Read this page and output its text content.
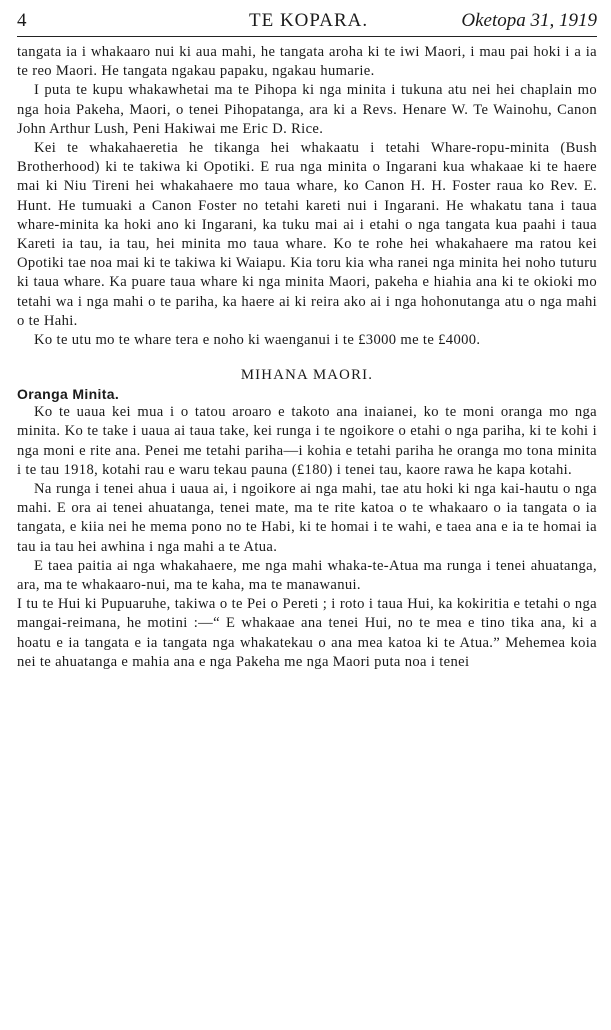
4	TE KOPARA.	Oketopa 31, 1919

tangata ia i whakaaro nui ki aua mahi, he tangata aroha ki te iwi Maori, i mau pai hoki i a ia te reo Maori. He tangata ngakau papaku, ngakau humarie.

I puta te kupu whakawhetai ma te Pihopa ki nga minita i tukuna atu nei hei chaplain mo nga hoia Pakeha, Maori, o tenei Pihopatanga, ara ki a Revs. Henare W. Te Wainohu, Canon John Arthur Lush, Peni Hakiwai me Eric D. Rice.

Kei te whakahaeretia he tikanga hei whakaatu i tetahi Whare-ropu-minita (Bush Brotherhood) ki te takiwa ki Opotiki. E rua nga minita o Ingarani kua whakaae ki te haere mai ki Niu Tireni hei whakahaere mo taua whare, ko Canon H. H. Foster raua ko Rev. E. Hunt. He tumuaki a Canon Foster no tetahi kareti nui i Ingarani. He whakatu tana i taua whare-minita ka hoki ano ki Ingarani, ka tuku mai ai i etahi o nga tangata kua paahi i taua Kareti ia tau, ia tau, hei minita mo taua whare. Ko te rohe hei whakahaere ma ratou kei Opotiki tae noa mai ki te takiwa ki Waiapu. Kia toru kia wha ranei nga minita hei noho tuturu ki taua whare. Ka puare taua whare ki nga minita Maori, pakeha e hiahia ana ki te okioki mo tetahi wa i nga mahi o te pariha, ka haere ai ki reira ako ai i nga hohonutanga atu o nga mahi o te Hahi.

Ko te utu mo te whare tera e noho ki waenganui i te £3000 me te £4000.

MIHANA MAORI.
Oranga Minita.

Ko te uaua kei mua i o tatou aroaro e takoto ana inaianei, ko te moni oranga mo nga minita. Ko te take i uaua ai taua take, kei runga i te ngoikore o etahi o nga pariha, ki te kohi i nga moni e rite ana. Penei me tetahi pariha—i kohia e tetahi pariha he oranga mo tona minita i te tau 1918, kotahi rau e waru tekau pauna (£180) i tenei tau, kaore rawa he kapa kotahi.

Na runga i tenei ahua i uaua ai, i ngoikore ai nga mahi, tae atu hoki ki nga kai-hautu o nga mahi. E ora ai tenei ahuatanga, tenei mate, ma te rite katoa o te whakaaro o ia tangata o ia tangata, e kiia nei he mema pono no te Habi, ki te homai i te wahi, e taea ana e ia te homai ia tau ia tau hei awhina i nga mahi a te Atua.

E taea paitia ai nga whakahaere, me nga mahi whaka-te-Atua ma runga i tenei ahuatanga, ara, ma te whakaaro-nui, ma te kaha, ma te manawanui.

I tu te Hui ki Pupuaruhe, takiwa o te Pei o Pereti ; i roto i taua Hui, ka kokiritia e tetahi o nga mangai-reimana, he motini :—“ E whakaae ana tenei Hui, no te mea e tino tika ana, ki a hoatu e ia tangata e ia tangata nga whakatekau o ana mea katoa ki te Atua.” Mehemea koia nei te ahuatanga e mahia ana e nga Pakeha me nga Maori puta noa i tenei
